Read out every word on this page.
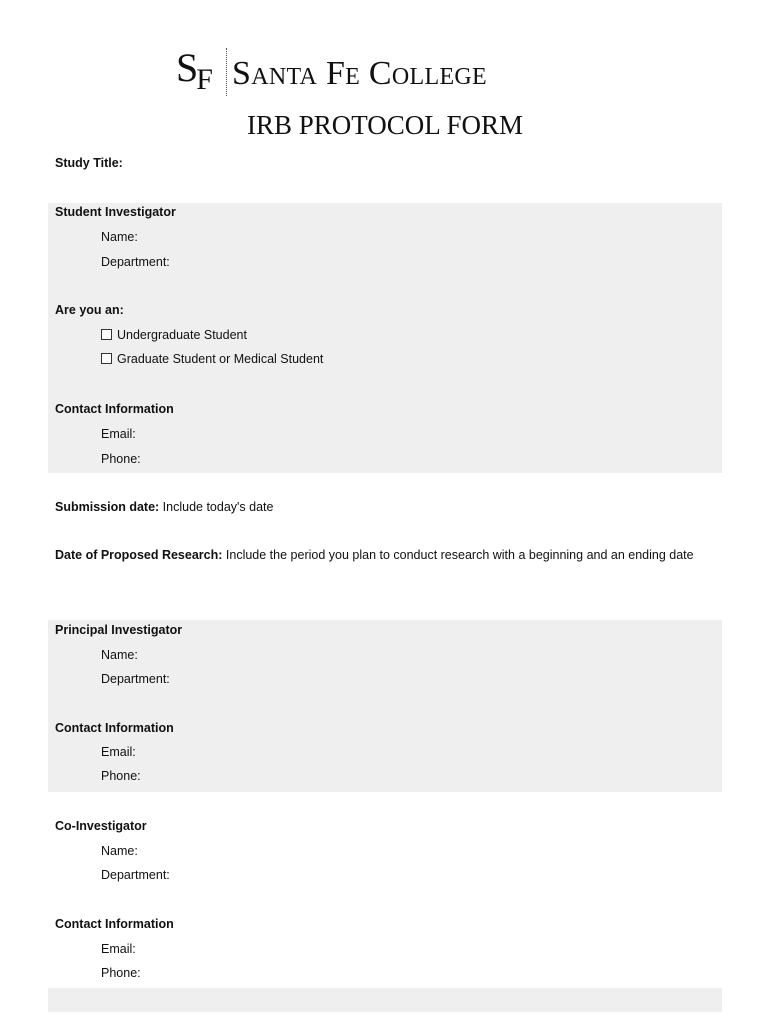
$S_F$ Santa Fe College
IRB PROTOCOL FORM
Study Title:
Student Investigator
Name:
Department:
Are you an:
Undergraduate Student
Graduate Student or Medical Student
Contact Information
Email:
Phone:
Submission date: Include today's date
Date of Proposed Research: Include the period you plan to conduct research with a beginning and an ending date
Principal Investigator
Name:
Department:
Contact Information
Email:
Phone:
Co-Investigator
Name:
Department:
Contact Information
Email:
Phone:
